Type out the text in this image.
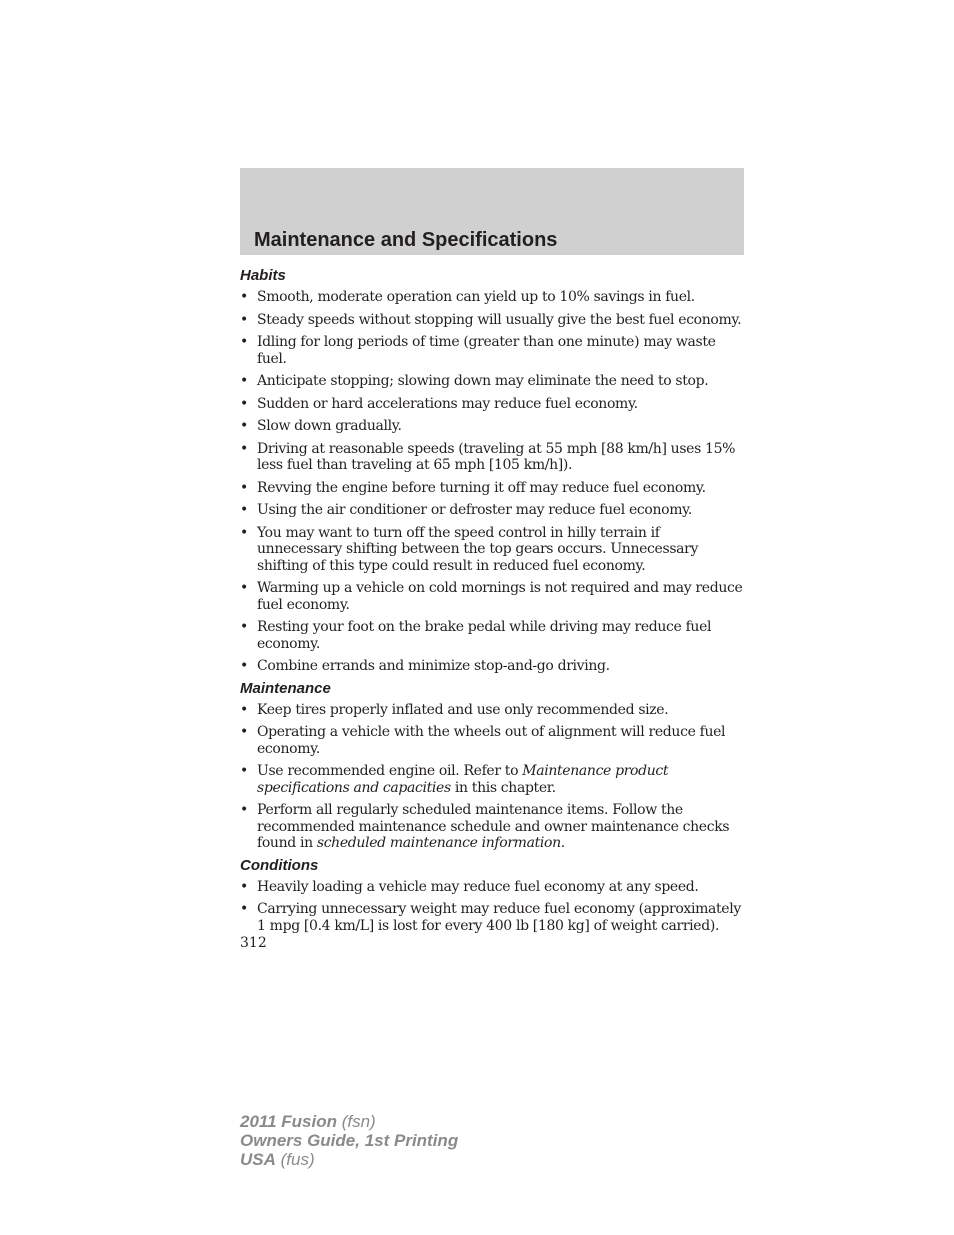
Maintenance and Specifications
Habits
• Smooth, moderate operation can yield up to 10% savings in fuel.
• Steady speeds without stopping will usually give the best fuel economy.
• Idling for long periods of time (greater than one minute) may waste fuel.
• Anticipate stopping; slowing down may eliminate the need to stop.
• Sudden or hard accelerations may reduce fuel economy.
• Slow down gradually.
• Driving at reasonable speeds (traveling at 55 mph [88 km/h] uses 15% less fuel than traveling at 65 mph [105 km/h]).
• Revving the engine before turning it off may reduce fuel economy.
• Using the air conditioner or defroster may reduce fuel economy.
• You may want to turn off the speed control in hilly terrain if unnecessary shifting between the top gears occurs. Unnecessary shifting of this type could result in reduced fuel economy.
• Warming up a vehicle on cold mornings is not required and may reduce fuel economy.
• Resting your foot on the brake pedal while driving may reduce fuel economy.
• Combine errands and minimize stop-and-go driving.
Maintenance
• Keep tires properly inflated and use only recommended size.
• Operating a vehicle with the wheels out of alignment will reduce fuel economy.
• Use recommended engine oil. Refer to Maintenance product specifications and capacities in this chapter.
• Perform all regularly scheduled maintenance items. Follow the recommended maintenance schedule and owner maintenance checks found in scheduled maintenance information.
Conditions
• Heavily loading a vehicle may reduce fuel economy at any speed.
• Carrying unnecessary weight may reduce fuel economy (approximately 1 mpg [0.4 km/L] is lost for every 400 lb [180 kg] of weight carried).

312

2011 Fusion (fsn)
Owners Guide, 1st Printing
USA (fus)
